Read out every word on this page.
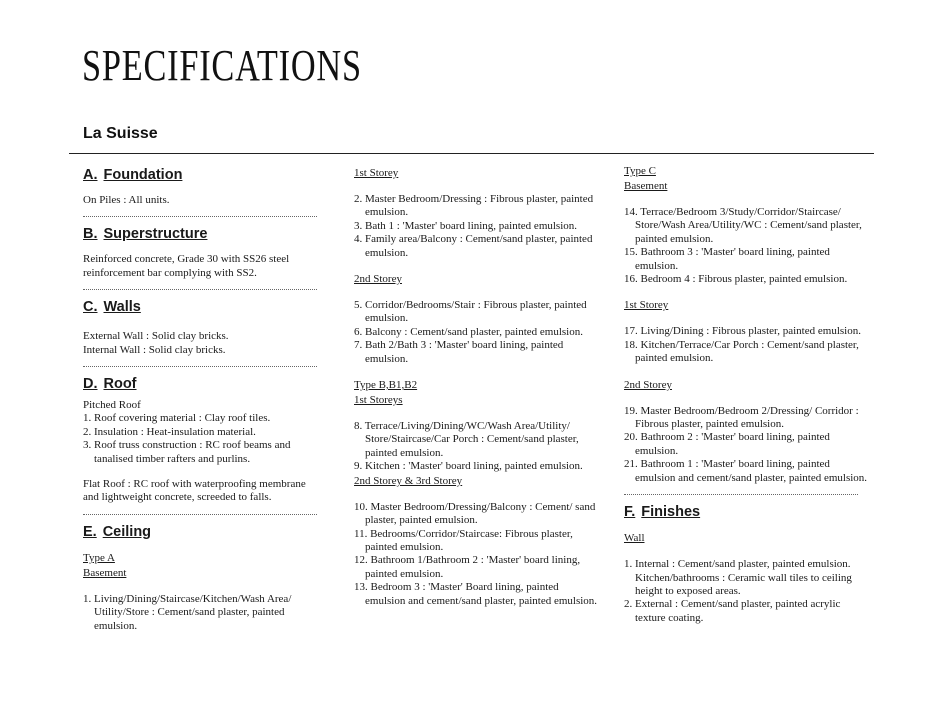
SPECIFICATIONS
La Suisse
A. Foundation

On Piles : All units.

B. Superstructure

Reinforced concrete, Grade 30 with SS26 steel

reinforcement bar complying with SS2.

C. Walls

External Wall : Solid clay bricks.

Internal Wall : Solid clay bricks.

D. Roof

Pitched Roof

1. Roof covering material : Clay roof tiles.
2. Insulation : Heat-insulation material.
3. Roof truss construction : RC roof beams and tanalised timber rafters and purlins.

Flat Roof : RC roof with waterproofing membrane

and lightweight concrete, screeded to falls.

E. Ceiling

Type A

Basement

1. Living/Dining/Staircase/Kitchen/Wash Area/ Utility/Store : Cement/sand plaster, painted emulsion.

1st Storey

2. Master Bedroom/Dressing : Fibrous plaster, painted emulsion.
3. Bath 1 : 'Master' board lining, painted emulsion.
4. Family area/Balcony : Cement/sand plaster, painted emulsion.

2nd Storey

5. Corridor/Bedrooms/Stair : Fibrous plaster, painted emulsion.
6. Balcony : Cement/sand plaster, painted emulsion.
7. Bath 2/Bath 3 : 'Master' board lining, painted emulsion.

Type B,B1,B2

1st Storeys

8. Terrace/Living/Dining/WC/Wash Area/Utility/ Store/Staircase/Car Porch : Cement/sand plaster, painted emulsion.
9. Kitchen : 'Master' board lining, painted emulsion.

2nd Storey & 3rd Storey

10. Master Bedroom/Dressing/Balcony : Cement/ sand plaster, painted emulsion.
11. Bedrooms/Corridor/Staircase: Fibrous plaster, painted emulsion.
12. Bathroom 1/Bathroom 2 : 'Master' board lining, painted emulsion.
13. Bedroom 3 : 'Master' Board lining, painted emulsion and cement/sand plaster, painted emulsion.

Type C

Basement

14. Terrace/Bedroom 3/Study/Corridor/Staircase/ Store/Wash Area/Utility/WC : Cement/sand plaster, painted emulsion.
15. Bathroom 3 : 'Master' board lining, painted emulsion.
16. Bedroom 4 : Fibrous plaster, painted emulsion.

1st Storey

17. Living/Dining : Fibrous plaster, painted emulsion.
18. Kitchen/Terrace/Car Porch : Cement/sand plaster, painted emulsion.

2nd Storey

19. Master Bedroom/Bedroom 2/Dressing/ Corridor : Fibrous plaster, painted emulsion.
20. Bathroom 2 : 'Master' board lining, painted emulsion.
21. Bathroom 1 : 'Master' board lining, painted emulsion and cement/sand plaster, painted emulsion.
F. Finishes

Wall

1. Internal : Cement/sand plaster, painted emulsion. Kitchen/bathrooms : Ceramic wall tiles to ceiling height to exposed areas.
2. External : Cement/sand plaster, painted acrylic texture coating.
